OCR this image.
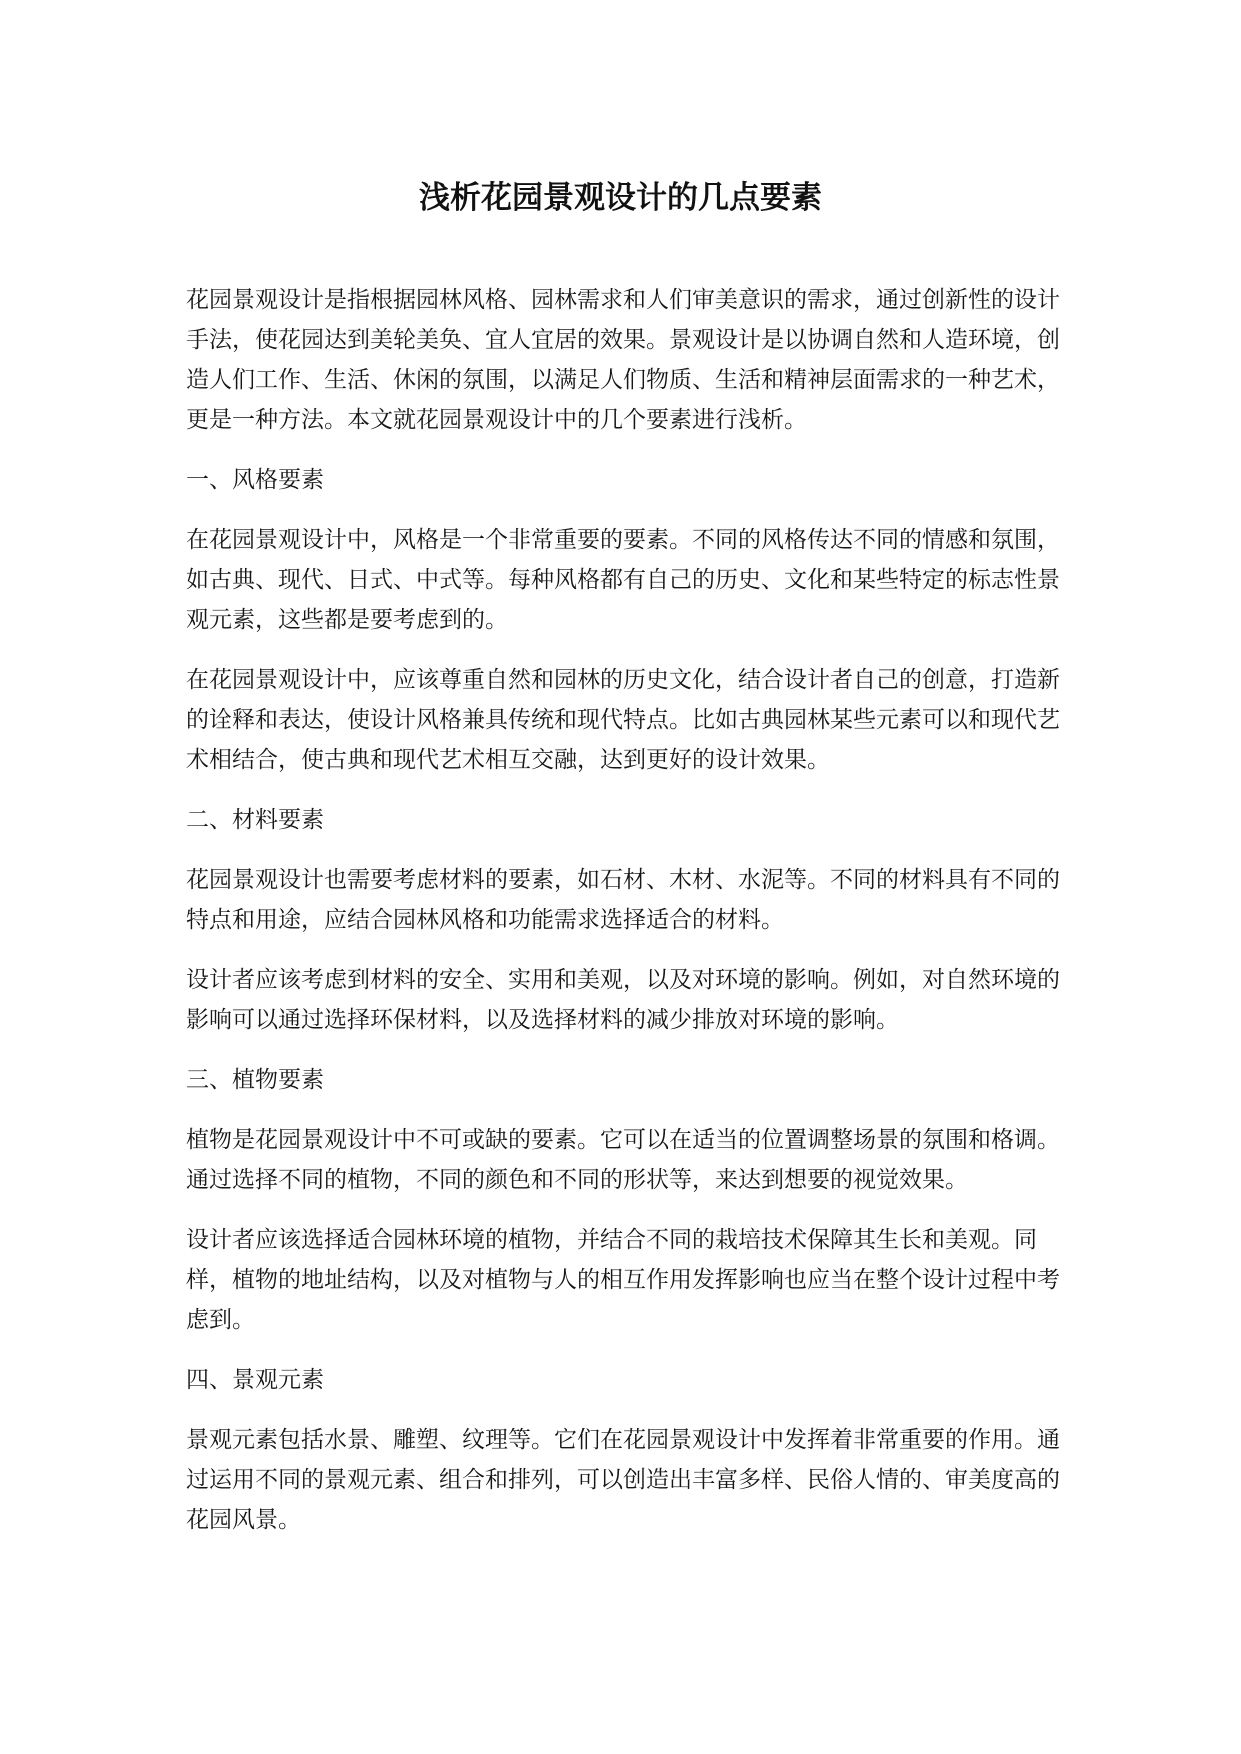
浅析花园景观设计的几点要素

花园景观设计是指根据园林风格、园林需求和人们审美意识的需求，通过创新性的设计手法，使花园达到美轮美奂、宜人宜居的效果。景观设计是以协调自然和人造环境，创造人们工作、生活、休闲的氛围，以满足人们物质、生活和精神层面需求的一种艺术，更是一种方法。本文就花园景观设计中的几个要素进行浅析。

一、风格要素

在花园景观设计中，风格是一个非常重要的要素。不同的风格传达不同的情感和氛围，如古典、现代、日式、中式等。每种风格都有自己的历史、文化和某些特定的标志性景观元素，这些都是要考虑到的。

在花园景观设计中，应该尊重自然和园林的历史文化，结合设计者自己的创意，打造新的诠释和表达，使设计风格兼具传统和现代特点。比如古典园林某些元素可以和现代艺术相结合，使古典和现代艺术相互交融，达到更好的设计效果。

二、材料要素

花园景观设计也需要考虑材料的要素，如石材、木材、水泥等。不同的材料具有不同的特点和用途，应结合园林风格和功能需求选择适合的材料。

设计者应该考虑到材料的安全、实用和美观，以及对环境的影响。例如，对自然环境的影响可以通过选择环保材料，以及选择材料的减少排放对环境的影响。

三、植物要素

植物是花园景观设计中不可或缺的要素。它可以在适当的位置调整场景的氛围和格调。通过选择不同的植物，不同的颜色和不同的形状等，来达到想要的视觉效果。

设计者应该选择适合园林环境的植物，并结合不同的栽培技术保障其生长和美观。同样，植物的地址结构，以及对植物与人的相互作用发挥影响也应当在整个设计过程中考虑到。

四、景观元素

景观元素包括水景、雕塑、纹理等。它们在花园景观设计中发挥着非常重要的作用。通过运用不同的景观元素、组合和排列，可以创造出丰富多样、民俗人情的、审美度高的花园风景。
